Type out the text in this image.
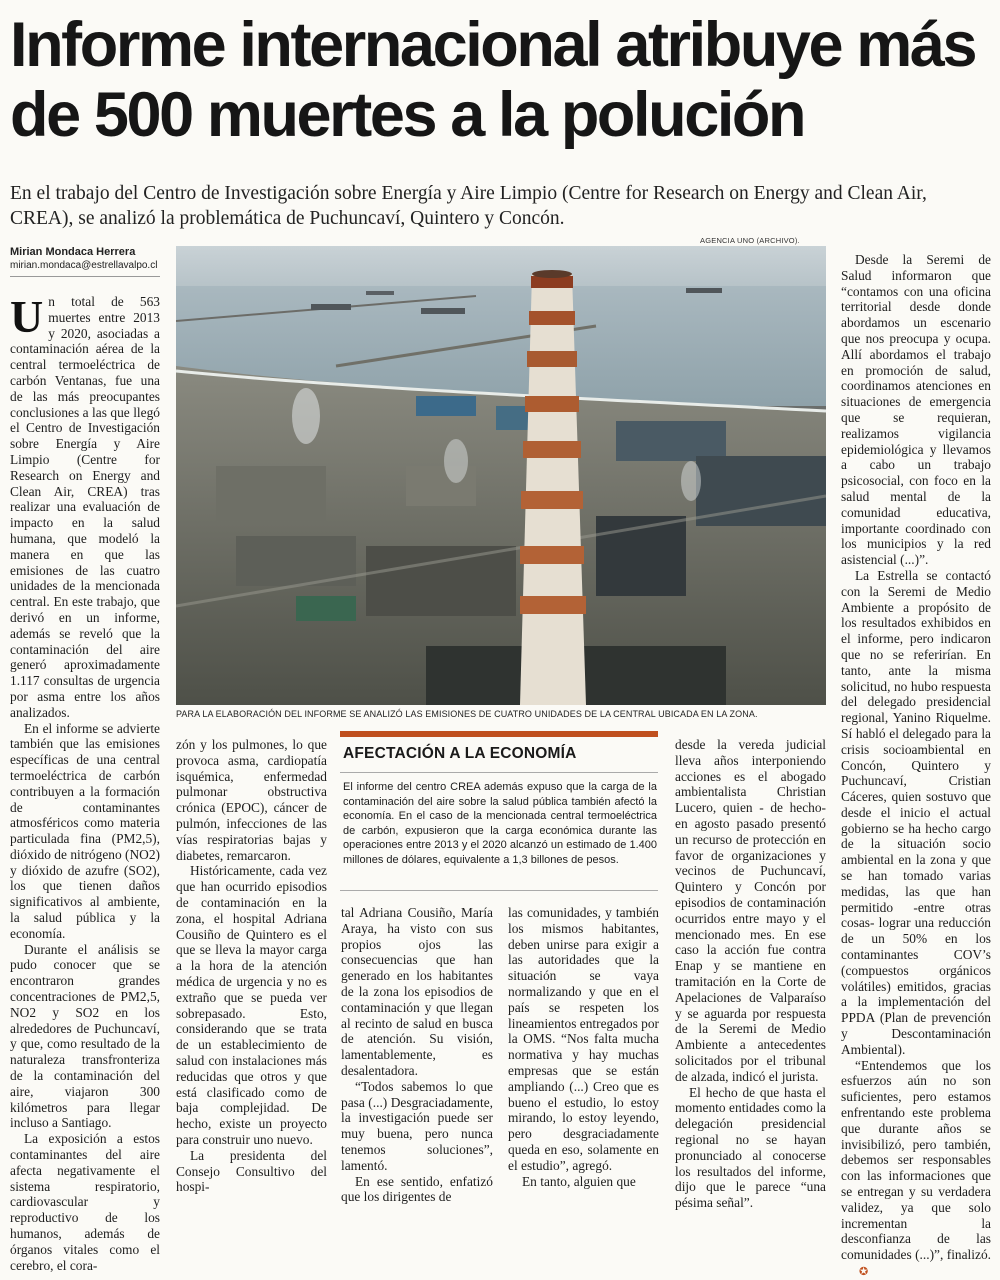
Informe internacional atribuye más de 500 muertes a la polución

En el trabajo del Centro de Investigación sobre Energía y Aire Limpio (Centre for Research on Energy and Clean Air, CREA), se analizó la problemática de Puchuncaví, Quintero y Concón.

Mirian Mondaca Herrera
mirian.mondaca@estrellavalpo.cl

Un total de 563 muertes entre 2013 y 2020, asociadas a contaminación aérea de la central termoeléctrica de carbón Ventanas, fue una de las más preocupantes conclusiones a las que llegó el Centro de Investigación sobre Energía y Aire Limpio (Centre for Research on Energy and Clean Air, CREA) tras realizar una evaluación de impacto en la salud humana, que modeló la manera en que las emisiones de las cuatro unidades de la mencionada central. En este trabajo, que derivó en un informe, además se reveló que la contaminación del aire generó aproximadamente 1.117 consultas de urgencia por asma entre los años analizados.

En el informe se advierte también que las emisiones específicas de una central termoeléctrica de carbón contribuyen a la formación de contaminantes atmosféricos como materia particulada fina (PM2,5), dióxido de nitrógeno (NO2) y dióxido de azufre (SO2), los que tienen daños significativos al ambiente, la salud pública y la economía.

Durante el análisis se pudo conocer que se encontraron grandes concentraciones de PM2,5, NO2 y SO2 en los alrededores de Puchuncaví, y que, como resultado de la naturaleza transfronteriza de la contaminación del aire, viajaron 300 kilómetros para llegar incluso a Santiago.

La exposición a estos contaminantes del aire afecta negativamente el sistema respiratorio, cardiovascular y reproductivo de los humanos, además de órganos vitales como el cerebro, el cora-

AGENCIA UNO (ARCHIVO).

PARA LA ELABORACIÓN DEL INFORME SE ANALIZÓ LAS EMISIONES DE CUATRO UNIDADES DE LA CENTRAL UBICADA EN LA ZONA.

zón y los pulmones, lo que provoca asma, cardiopatía isquémica, enfermedad pulmonar obstructiva crónica (EPOC), cáncer de pulmón, infecciones de las vías respiratorias bajas y diabetes, remarcaron.

Históricamente, cada vez que han ocurrido episodios de contaminación en la zona, el hospital Adriana Cousiño de Quintero es el que se lleva la mayor carga a la hora de la atención médica de urgencia y no es extraño que se pueda ver sobrepasado. Esto, considerando que se trata de un establecimiento de salud con instalaciones más reducidas que otros y que está clasificado como de baja complejidad. De hecho, existe un proyecto para construir uno nuevo.

La presidenta del Consejo Consultivo del hospi-

AFECTACIÓN A LA ECONOMÍA

El informe del centro CREA además expuso que la carga de la contaminación del aire sobre la salud pública también afectó la economía. En el caso de la mencionada central termoeléctrica de carbón, expusieron que la carga económica durante las operaciones entre 2013 y el 2020 alcanzó un estimado de 1.400 millones de dólares, equivalente a 1,3 billones de pesos.

tal Adriana Cousiño, María Araya, ha visto con sus propios ojos las consecuencias que han generado en los habitantes de la zona los episodios de contaminación y que llegan al recinto de salud en busca de atención. Su visión, lamentablemente, es desalentadora.

“Todos sabemos lo que pasa (...) Desgraciadamente, la investigación puede ser muy buena, pero nunca tenemos soluciones”, lamentó.

En ese sentido, enfatizó que los dirigentes de

las comunidades, y también los mismos habitantes, deben unirse para exigir a las autoridades que la situación se vaya normalizando y que en el país se respeten los lineamientos entregados por la OMS. “Nos falta mucha normativa y hay muchas empresas que se están ampliando (...) Creo que es bueno el estudio, lo estoy mirando, lo estoy leyendo, pero desgraciadamente queda en eso, solamente en el estudio”, agregó.

En tanto, alguien que

desde la vereda judicial lleva años interponiendo acciones es el abogado ambientalista Christian Lucero, quien - de hecho- en agosto pasado presentó un recurso de protección en favor de organizaciones y vecinos de Puchuncaví, Quintero y Concón por episodios de contaminación ocurridos entre mayo y el mencionado mes. En ese caso la acción fue contra Enap y se mantiene en tramitación en la Corte de Apelaciones de Valparaíso y se aguarda por respuesta de la Seremi de Medio Ambiente a antecedentes solicitados por el tribunal de alzada, indicó el jurista.

El hecho de que hasta el momento entidades como la delegación presidencial regional no se hayan pronunciado al conocerse los resultados del informe, dijo que le parece “una pésima señal”.

Desde la Seremi de Salud informaron que “contamos con una oficina territorial desde donde abordamos un escenario que nos preocupa y ocupa. Allí abordamos el trabajo en promoción de salud, coordinamos atenciones en situaciones de emergencia que se requieran, realizamos vigilancia epidemiológica y llevamos a cabo un trabajo psicosocial, con foco en la salud mental de la comunidad educativa, importante coordinado con los municipios y la red asistencial (...)”.

La Estrella se contactó con la Seremi de Medio Ambiente a propósito de los resultados exhibidos en el informe, pero indicaron que no se referirían. En tanto, ante la misma solicitud, no hubo respuesta del delegado presidencial regional, Yanino Riquelme. Sí habló el delegado para la crisis socioambiental en Concón, Quintero y Puchuncaví, Cristian Cáceres, quien sostuvo que desde el inicio el actual gobierno se ha hecho cargo de la situación socio ambiental en la zona y que se han tomado varias medidas, las que han permitido -entre otras cosas- lograr una reducción de un 50% en los contaminantes COV’s (compuestos orgánicos volátiles) emitidos, gracias a la implementación del PPDA (Plan de prevención y Descontaminación Ambiental).

“Entendemos que los esfuerzos aún no son suficientes, pero estamos enfrentando este problema que durante años se invisibilizó, pero también, debemos ser responsables con las informaciones que se entregan y su verdadera validez, ya que solo incrementan la desconfianza de las comunidades (...)”, finalizó.✪
